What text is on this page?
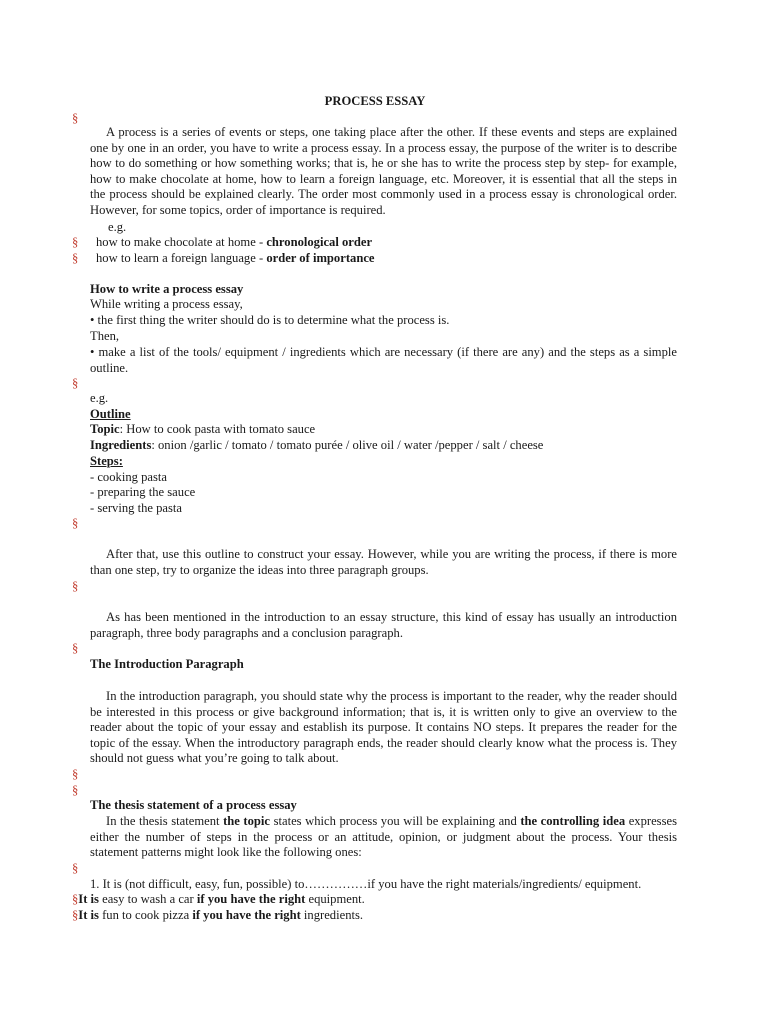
PROCESS ESSAY
§
A process is a series of events or steps, one taking place after the other. If these events and steps are explained one by one in an order, you have to write a process essay. In a process essay, the purpose of the writer is to describe how to do something or how something works; that is, he or she has to write the process step by step- for example, how to make chocolate at home, how to learn a foreign language, etc. Moreover, it is essential that all the steps in the process should be explained clearly. The order most commonly used in a process essay is chronological order. However, for some topics, order of importance is required.
e.g.
§ how to make chocolate at home - chronological order
§ how to learn a foreign language - order of importance
How to write a process essay
While writing a process essay,
• the first thing the writer should do is to determine what the process is.
Then,
• make a list of the tools/ equipment / ingredients which are necessary (if there are any) and the steps as a simple outline.
§
e.g.
Outline
Topic: How to cook pasta with tomato sauce
Ingredients: onion /garlic / tomato / tomato purée / olive oil / water /pepper / salt / cheese
Steps:
- cooking pasta
- preparing the sauce
- serving the pasta
§
After that, use this outline to construct your essay. However, while you are writing the process, if there is more than one step, try to organize the ideas into three paragraph groups.
§
As has been mentioned in the introduction to an essay structure, this kind of essay has usually an introduction paragraph, three body paragraphs and a conclusion paragraph.
§
The Introduction Paragraph
In the introduction paragraph, you should state why the process is important to the reader, why the reader should be interested in this process or give background information; that is, it is written only to give an overview to the reader about the topic of your essay and establish its purpose. It contains NO steps. It prepares the reader for the topic of the essay. When the introductory paragraph ends, the reader should clearly know what the process is. They should not guess what you’re going to talk about.
§
§
The thesis statement of a process essay
In the thesis statement the topic states which process you will be explaining and the controlling idea expresses either the number of steps in the process or an attitude, opinion, or judgment about the process. Your thesis statement patterns might look like the following ones:
§
1. It is (not difficult, easy, fun, possible) to……………if you have the right materials/ingredients/ equipment.
§It is easy to wash a car if you have the right equipment.
§It is fun to cook pizza if you have the right ingredients.
